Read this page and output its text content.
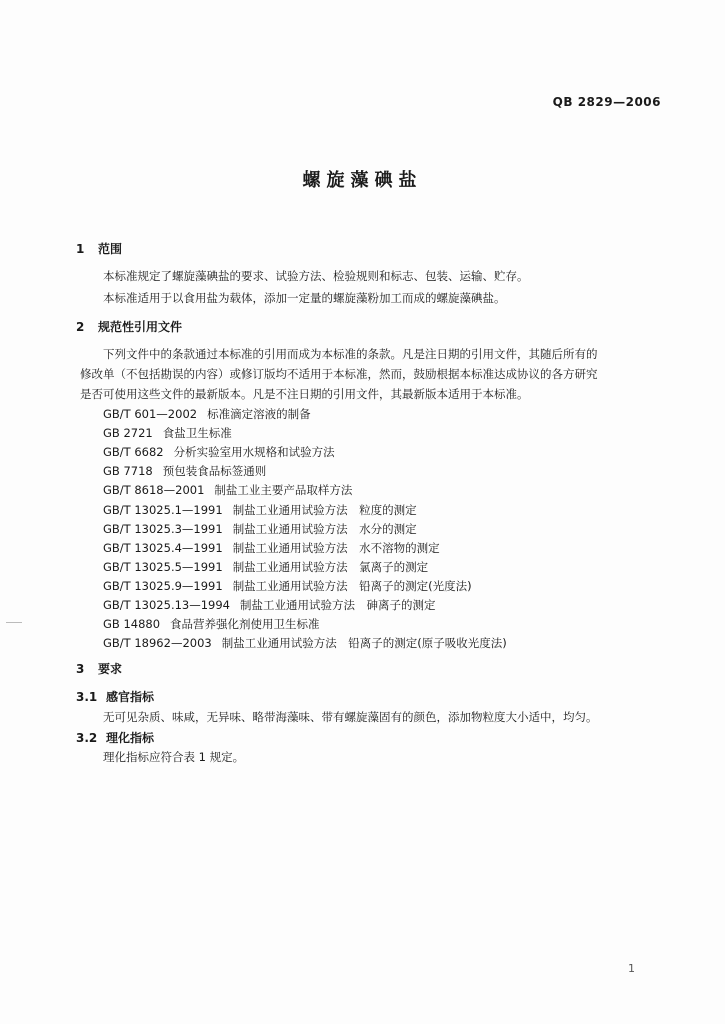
QB 2829—2006
螺旋藻碘盐
1 范围
本标准规定了螺旋藻碘盐的要求、试验方法、检验规则和标志、包装、运输、贮存。
本标准适用于以食用盐为载体，添加一定量的螺旋藻粉加工而成的螺旋藻碘盐。
2 规范性引用文件
下列文件中的条款通过本标准的引用而成为本标准的条款。凡是注日期的引用文件，其随后所有的
修改单（不包括勘误的内容）或修订版均不适用于本标准，然而，鼓励根据本标准达成协议的各方研究
是否可使用这些文件的最新版本。凡是不注日期的引用文件，其最新版本适用于本标准。
GB/T 601—2002 标准滴定溶液的制备
GB 2721 食盐卫生标准
GB/T 6682 分析实验室用水规格和试验方法
GB 7718 预包装食品标签通则
GB/T 8618—2001 制盐工业主要产品取样方法
GB/T 13025.1—1991 制盐工业通用试验方法　粒度的测定
GB/T 13025.3—1991 制盐工业通用试验方法　水分的测定
GB/T 13025.4—1991 制盐工业通用试验方法　水不溶物的测定
GB/T 13025.5—1991 制盐工业通用试验方法　氯离子的测定
GB/T 13025.9—1991 制盐工业通用试验方法　铅离子的测定(光度法)
GB/T 13025.13—1994 制盐工业通用试验方法　砷离子的测定
GB 14880 食品营养强化剂使用卫生标准
GB/T 18962—2003 制盐工业通用试验方法　铅离子的测定(原子吸收光度法)
3 要求
3.1 感官指标
无可见杂质、味咸，无异味、略带海藻味、带有螺旋藻固有的颜色，添加物粒度大小适中，均匀。
3.2 理化指标
理化指标应符合表 1 规定。
1
